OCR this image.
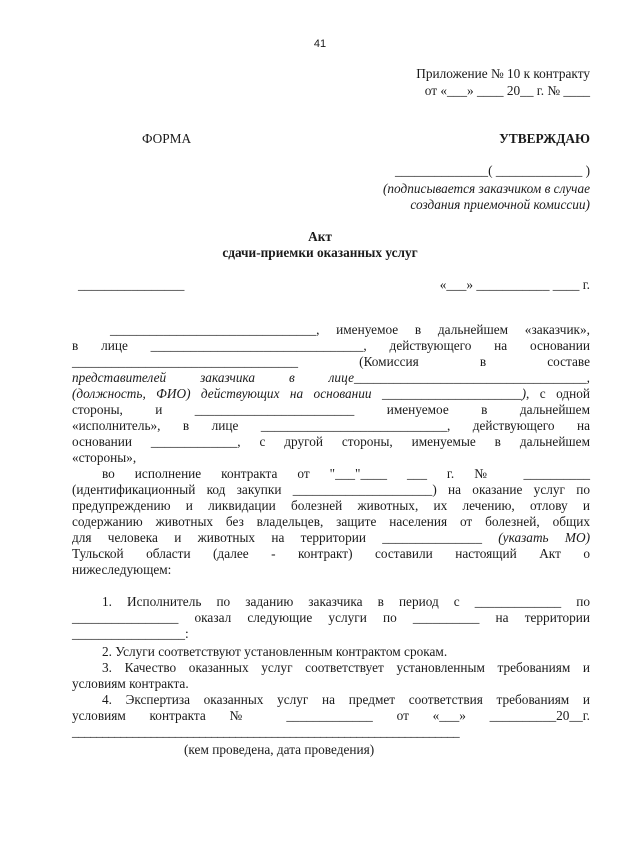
41
Приложение № 10 к контракту
от «___» ____ 20__ г. № ____
ФОРМА	УТВЕРЖДАЮ
______________( _____________ )
(подписывается заказчиком в случае
создания приемочной комиссии)
Акт
сдачи-приемки оказанных услуг
________________	«___» ___________ ____ г.
_______________________________, именуемое в дальнейшем «заказчик»,
в лице ________________________________, действующего на основании
__________________________________ (Комиссия в составе
представителей заказчика в лице___________________________________,
(должность, ФИО) действующих на основании _____________________), с одной
стороны, и ________________________ именуемое в дальнейшем
«исполнитель», в лице ____________________________, действующего на
основании _____________, с другой стороны, именуемые в дальнейшем
«стороны»,
во исполнение контракта от "___"____ ___ г. № __________
(идентификационный код закупки _____________________) на оказание услуг по
предупреждению и ликвидации болезней животных, их лечению, отлову и
содержанию животных без владельцев, защите населения от болезней, общих
для человека и животных на территории _______________ (указать МО)
Тульской области (далее - контракт) составили настоящий Акт о
нижеследующем:
1. Исполнитель по заданию заказчика в период с _____________ по
________________ оказал следующие услуги по __________ на территории
_________________:
2. Услуги соответствуют установленным контрактом срокам.
3. Качество оказанных услуг соответствует установленным требованиям и
условиям контракта.
4. Экспертиза оказанных услуг на предмет соответствия требованиям и
условиям контракта № _____________ от «___» __________20__г.
________________________________________________________________
(кем проведена, дата проведения)
